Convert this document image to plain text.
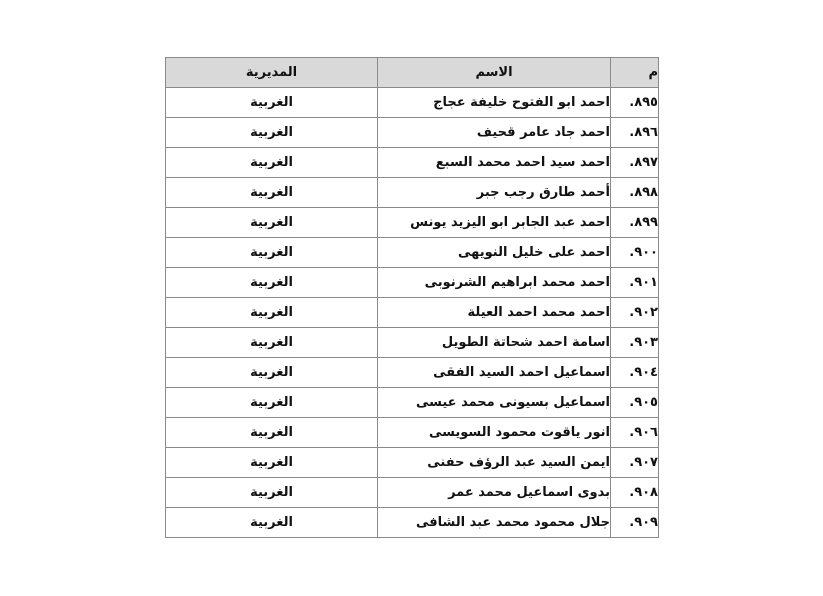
م	الاسم	المديرية
٨٩٥.	احمد ابو الفتوح خليفة عجاج	الغربية
٨٩٦.	احمد جاد عامر قحيف	الغربية
٨٩٧.	احمد سيد احمد محمد السبع	الغربية
٨٩٨.	أحمد طارق رجب جبر	الغربية
٨٩٩.	احمد عبد الجابر ابو اليزيد يونس	الغربية
٩٠٠.	احمد على خليل النويهى	الغربية
٩٠١.	احمد محمد ابراهيم الشرنوبى	الغربية
٩٠٢.	احمد محمد احمد العيلة	الغربية
٩٠٣.	اسامة احمد شحاتة الطويل	الغربية
٩٠٤.	اسماعيل احمد السيد الفقى	الغربية
٩٠٥.	اسماعيل بسيونى محمد عيسى	الغربية
٩٠٦.	انور ياقوت محمود السويسى	الغربية
٩٠٧.	ايمن السيد عبد الرؤف حفنى	الغربية
٩٠٨.	بدوى اسماعيل محمد عمر	الغربية
٩٠٩.	جلال محمود محمد عبد الشافى	الغربية
